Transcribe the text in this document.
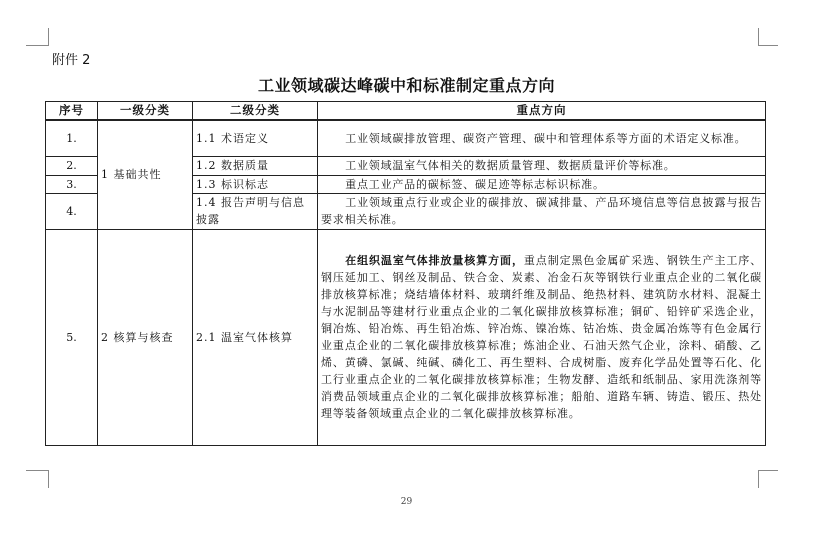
附件 2
工业领域碳达峰碳中和标准制定重点方向
序号	一级分类	二级分类	重点方向
1.	1 基础共性	1.1 术语定义	工业领域碳排放管理、碳资产管理、碳中和管理体系等方面的术语定义标准。
2.		1.2 数据质量	工业领域温室气体相关的数据质量管理、数据质量评价等标准。
3.		1.3 标识标志	重点工业产品的碳标签、碳足迹等标志标识标准。
4.		1.4 报告声明与信息披露	工业领域重点行业或企业的碳排放、碳减排量、产品环境信息等信息披露与报告要求相关标准。
5.	2 核算与核查	2.1 温室气体核算	在组织温室气体排放量核算方面，重点制定黑色金属矿采选、钢铁生产主工序、钢压延加工、钢丝及制品、铁合金、炭素、冶金石灰等钢铁行业重点企业的二氧化碳排放核算标准；烧结墙体材料、玻璃纤维及制品、绝热材料、建筑防水材料、混凝土与水泥制品等建材行业重点企业的二氧化碳排放核算标准；铜矿、铅锌矿采选企业，铜冶炼、铅冶炼、再生铅冶炼、锌冶炼、镍冶炼、钴冶炼、贵金属冶炼等有色金属行业重点企业的二氧化碳排放核算标准；炼油企业、石油天然气企业，涂料、硝酸、乙烯、黄磷、氯碱、纯碱、磷化工、再生塑料、合成树脂、废弃化学品处置等石化、化工行业重点企业的二氧化碳排放核算标准；生物发酵、造纸和纸制品、家用洗涤剂等消费品领域重点企业的二氧化碳排放核算标准；船舶、道路车辆、铸造、锻压、热处理等装备领域重点企业的二氧化碳排放核算标准。
29
